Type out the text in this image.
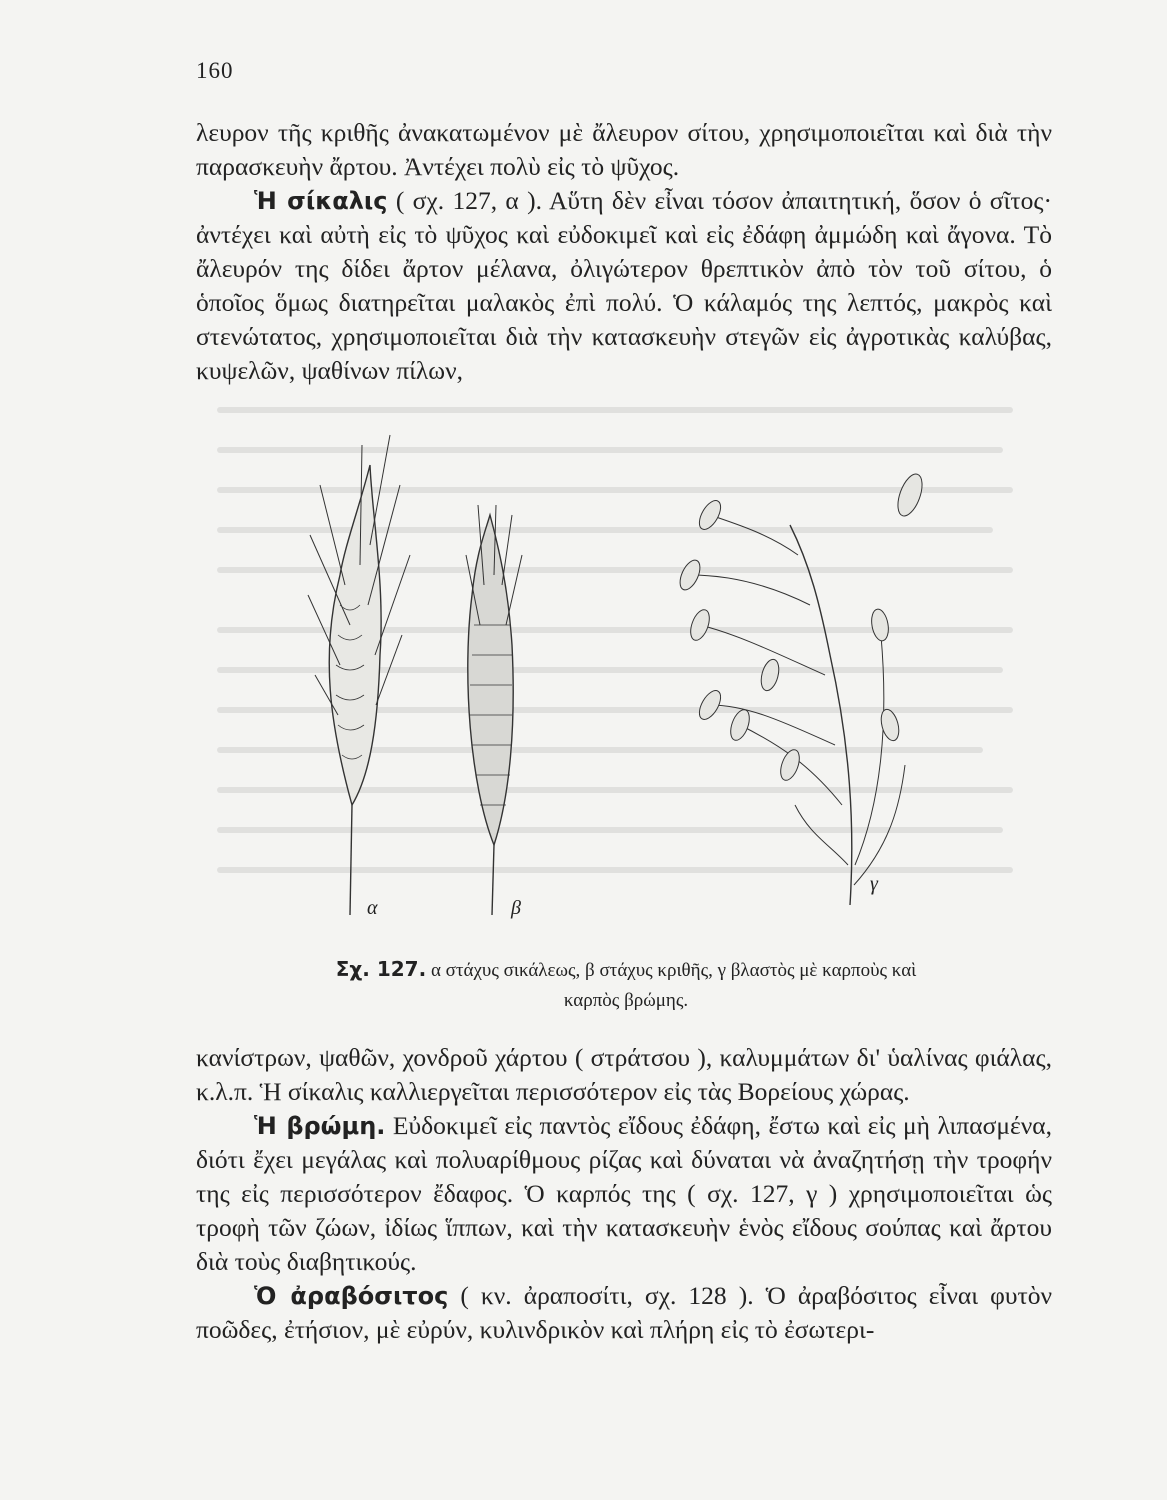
160

λευρον τῆς κριθῆς ἀνακατωμένον μὲ ἄλευρον σίτου, χρησιμοποιεῖται καὶ διὰ τὴν παρασκευὴν ἄρτου. Ἀντέχει πολὺ εἰς τὸ ψῦχος.

Ἡ σίκαλις ( σχ. 127, α ). Αὕτη δὲν εἶναι τόσον ἀπαιτητική, ὅσον ὁ σῖτος· ἀντέχει καὶ αὐτὴ εἰς τὸ ψῦχος καὶ εὐδοκιμεῖ καὶ εἰς ἐδάφη ἀμμώδη καὶ ἄγονα. Τὸ ἄλευρόν της δίδει ἄρτον μέλανα, ὀλιγώτερον θρεπτικὸν ἀπὸ τὸν τοῦ σίτου, ὁ ὁποῖος ὅμως διατηρεῖται μαλακὸς ἐπὶ πολύ. Ὁ κάλαμός της λεπτός, μακρὸς καὶ στενώτατος, χρησιμοποιεῖται διὰ τὴν κατασκευὴν στεγῶν εἰς ἀγροτικὰς καλύβας, κυψελῶν, ψαθίνων πίλων,

α	β
γ
Σχ. 127. α στάχυς σικάλεως, β στάχυς κριθῆς, γ βλαστὸς μὲ καρποὺς καὶ καρπὸς βρώμης.

κανίστρων, ψαθῶν, χονδροῦ χάρτου ( στράτσου ), καλυμμάτων δι' ὑαλίνας φιάλας, κ.λ.π. Ἡ σίκαλις καλλιεργεῖται περισσότερον εἰς τὰς Βορείους χώρας.

Ἡ βρώμη. Εὐδοκιμεῖ εἰς παντὸς εἴδους ἐδάφη, ἔστω καὶ εἰς μὴ λιπασμένα, διότι ἔχει μεγάλας καὶ πολυαρίθμους ρίζας καὶ δύναται νὰ ἀναζητήσῃ τὴν τροφήν της εἰς περισσότερον ἔδαφος. Ὁ καρπός της ( σχ. 127, γ ) χρησιμοποιεῖται ὡς τροφὴ τῶν ζώων, ἰδίως ἵππων, καὶ τὴν κατασκευὴν ἑνὸς εἴδους σούπας καὶ ἄρτου διὰ τοὺς διαβητικούς.

Ὁ ἀραβόσιτος ( κν. ἀραποσίτι, σχ. 128 ). Ὁ ἀραβόσιτος εἶναι φυτὸν ποῶδες, ἐτήσιον, μὲ εὐρύν, κυλινδρικὸν καὶ πλήρη εἰς τὸ ἐσωτερι-
